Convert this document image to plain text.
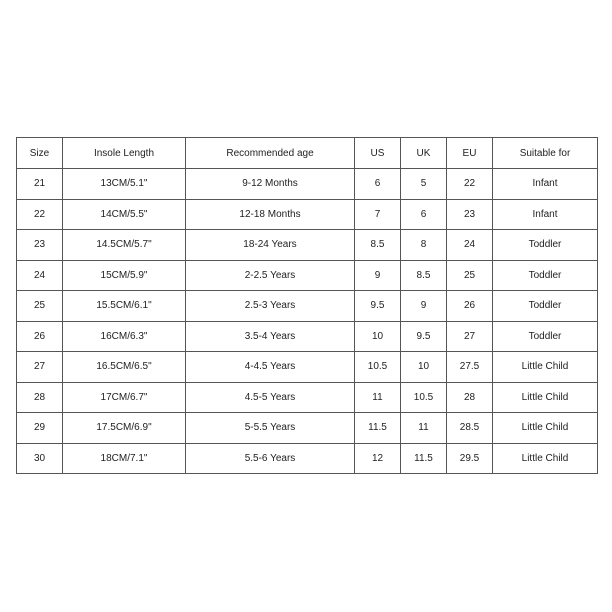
Size	Insole Length	Recommended age	US	UK	EU	Suitable for
21	13CM/5.1"	9-12 Months	6	5	22	Infant
22	14CM/5.5"	12-18 Months	7	6	23	Infant
23	14.5CM/5.7"	18-24 Years	8.5	8	24	Toddler
24	15CM/5.9"	2-2.5 Years	9	8.5	25	Toddler
25	15.5CM/6.1"	2.5-3 Years	9.5	9	26	Toddler
26	16CM/6.3"	3.5-4 Years	10	9.5	27	Toddler
27	16.5CM/6.5"	4-4.5 Years	10.5	10	27.5	Little Child
28	17CM/6.7"	4.5-5 Years	11	10.5	28	Little Child
29	17.5CM/6.9"	5-5.5 Years	11.5	11	28.5	Little Child
30	18CM/7.1"	5.5-6 Years	12	11.5	29.5	Little Child
